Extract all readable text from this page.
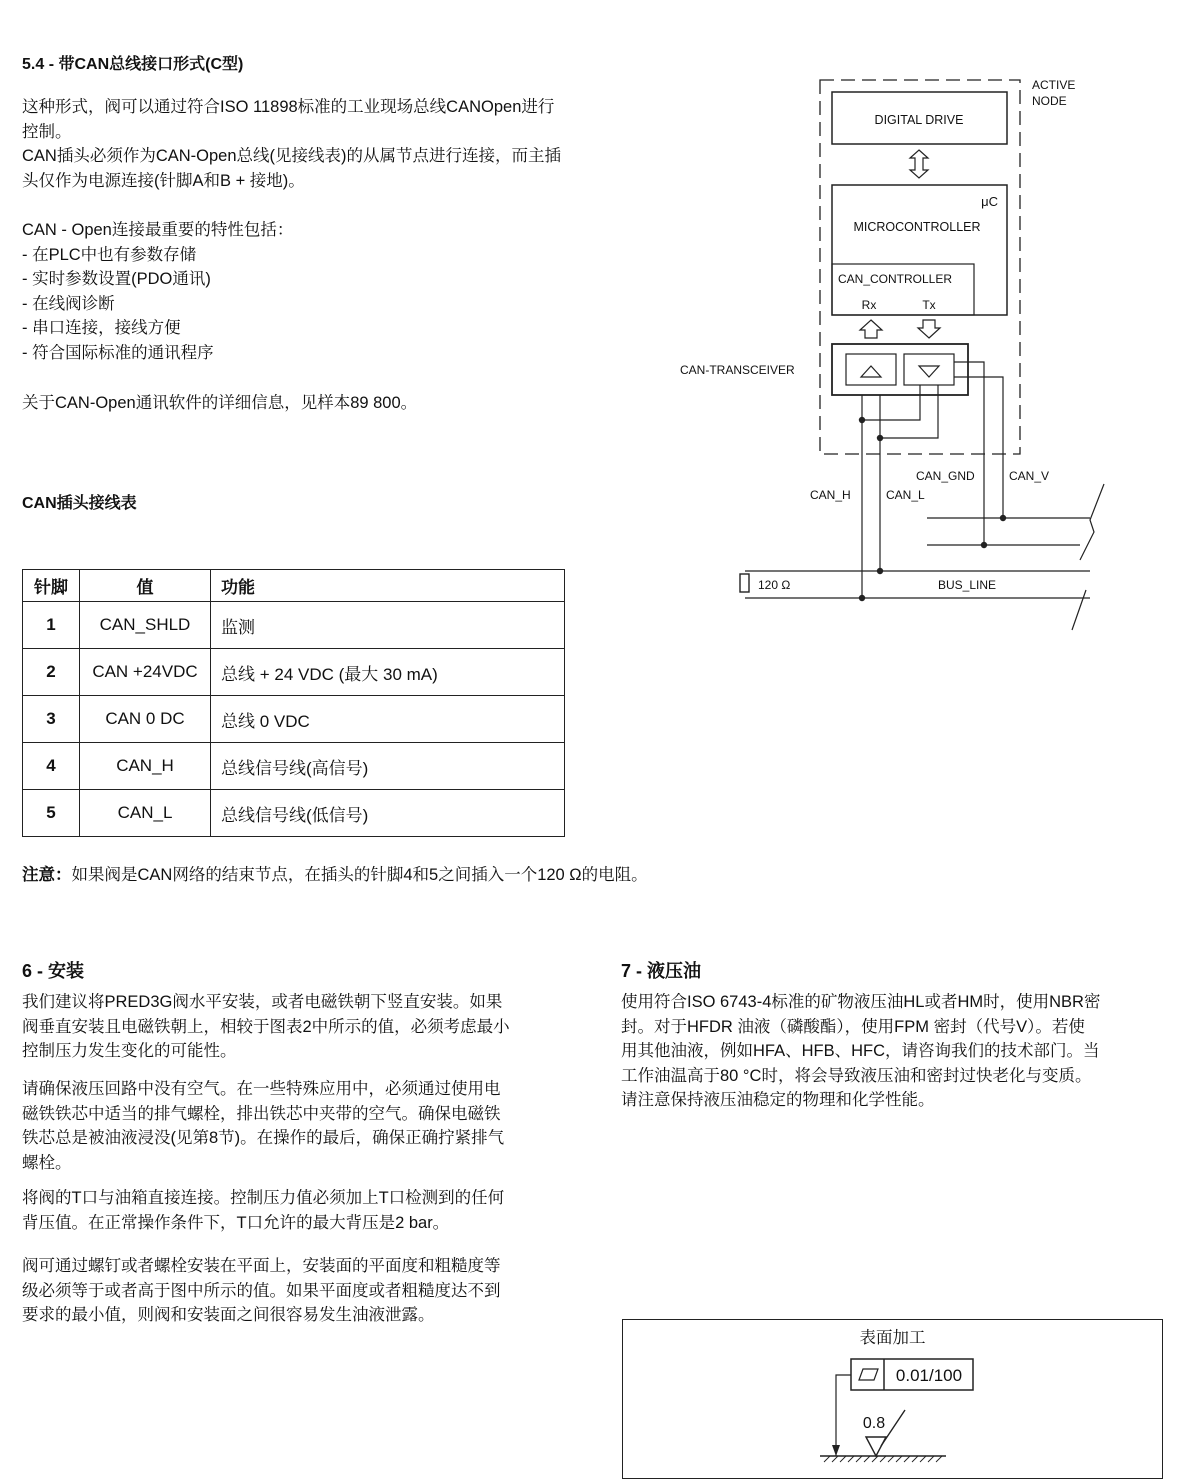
5.4 - 带CAN总线接口形式(C型)
这种形式，阀可以通过符合ISO 11898标准的工业现场总线CANOpen进行
控制。
CAN插头必须作为CAN-Open总线(见接线表)的从属节点进行连接，而主插
头仅作为电源连接(针脚A和B + 接地)。
CAN - Open连接最重要的特性包括：
- 在PLC中也有参数存储
- 实时参数设置(PDO通讯)
- 在线阀诊断
- 串口连接，接线方便
- 符合国际标准的通讯程序
关于CAN-Open通讯软件的详细信息，见样本89 800。
CAN插头接线表
针脚	值	功能
1	CAN_SHLD	监测
2	CAN +24VDC	总线 + 24 VDC (最大 30 mA)
3	CAN 0 DC	总线 0 VDC
4	CAN_H	总线信号线(高信号)
5	CAN_L	总线信号线(低信号)
注意：如果阀是CAN网络的结束节点，在插头的针脚4和5之间插入一个120 Ω的电阻。
ACTIVE
NODE
DIGITAL DRIVE
μC
MICROCONTROLLER
CAN_CONTROLLER
Rx	Tx
CAN-TRANSCEIVER
CAN_GND	CAN_V
CAN_H	CAN_L
120 Ω	BUS_LINE
6 - 安装
我们建议将PRED3G阀水平安装，或者电磁铁朝下竖直安装。如果
阀垂直安装且电磁铁朝上，相较于图表2中所示的值，必须考虑最小
控制压力发生变化的可能性。
请确保液压回路中没有空气。在一些特殊应用中，必须通过使用电
磁铁铁芯中适当的排气螺栓，排出铁芯中夹带的空气。确保电磁铁
铁芯总是被油液浸没(见第8节)。在操作的最后，确保正确拧紧排气
螺栓。
将阀的T口与油箱直接连接。控制压力值必须加上T口检测到的任何
背压值。在正常操作条件下，T口允许的最大背压是2 bar。
阀可通过螺钉或者螺栓安装在平面上，安装面的平面度和粗糙度等
级必须等于或者高于图中所示的值。如果平面度或者粗糙度达不到
要求的最小值，则阀和安装面之间很容易发生油液泄露。
7 - 液压油
使用符合ISO 6743-4标准的矿物液压油HL或者HM时，使用NBR密
封。对于HFDR 油液（磷酸酯），使用FPM 密封（代号V）。若使
用其他油液，例如HFA、HFB、HFC，请咨询我们的技术部门。当
工作油温高于80 °C时，将会导致液压油和密封过快老化与变质。
请注意保持液压油稳定的物理和化学性能。
表面加工
0.01/100
0.8
